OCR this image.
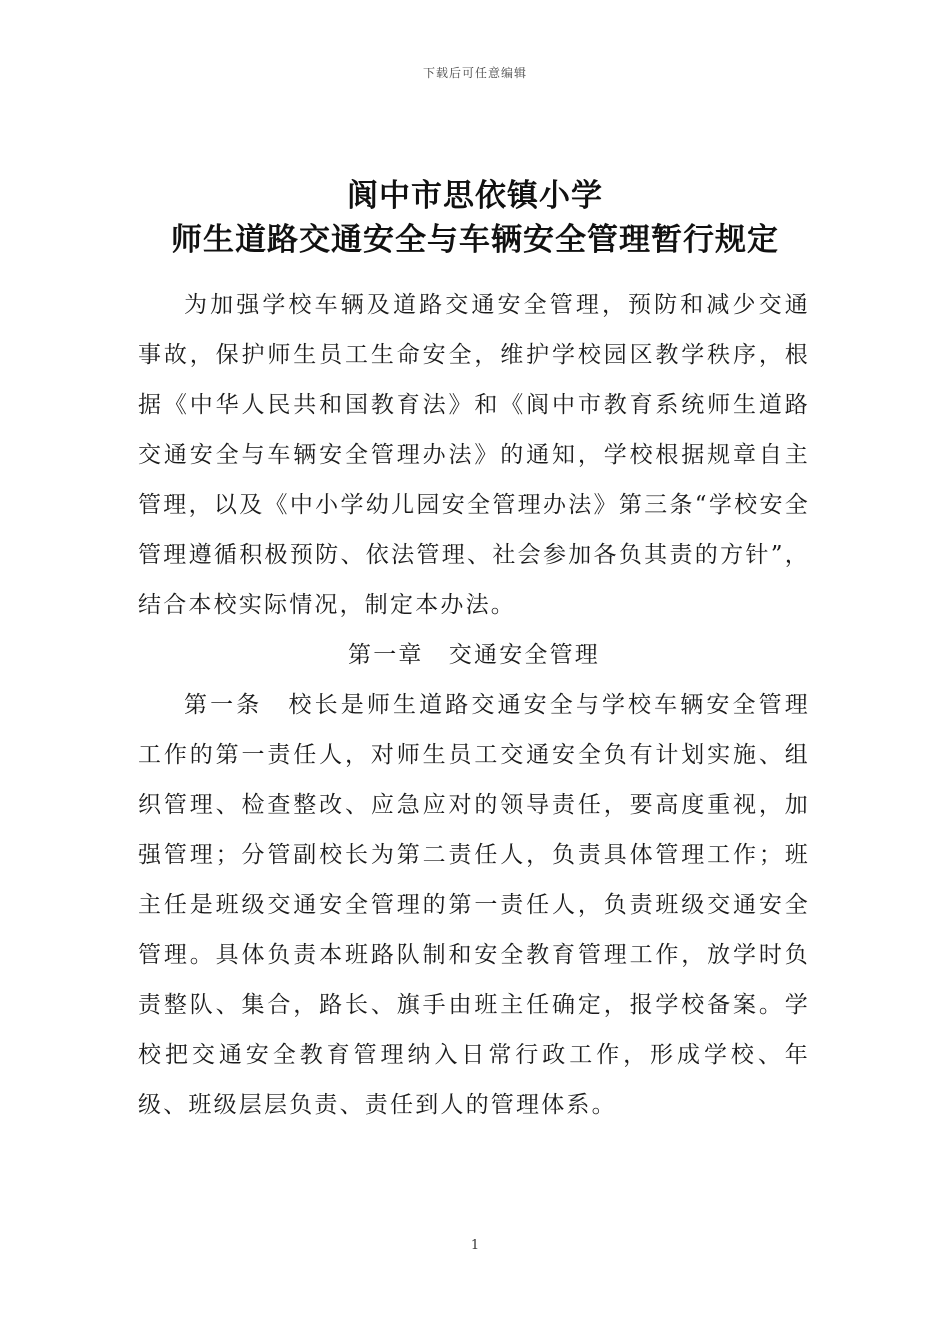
下载后可任意编辑
阆中市思依镇小学
师生道路交通安全与车辆安全管理暂行规定

为加强学校车辆及道路交通安全管理，预防和减少交通事故，保护师生员工生命安全，维护学校园区教学秩序，根据《中华人民共和国教育法》和《阆中市教育系统师生道路交通安全与车辆安全管理办法》的通知，学校根据规章自主管理，以及《中小学幼儿园安全管理办法》第三条“学校安全管理遵循积极预防、依法管理、社会参加各负其责的方针”，结合本校实际情况，制定本办法。

第一章　交通安全管理

第一条　校长是师生道路交通安全与学校车辆安全管理工作的第一责任人，对师生员工交通安全负有计划实施、组织管理、检查整改、应急应对的领导责任，要高度重视，加强管理；分管副校长为第二责任人，负责具体管理工作；班主任是班级交通安全管理的第一责任人，负责班级交通安全管理。具体负责本班路队制和安全教育管理工作，放学时负责整队、集合，路长、旗手由班主任确定，报学校备案。学校把交通安全教育管理纳入日常行政工作，形成学校、年级、班级层层负责、责任到人的管理体系。

1
